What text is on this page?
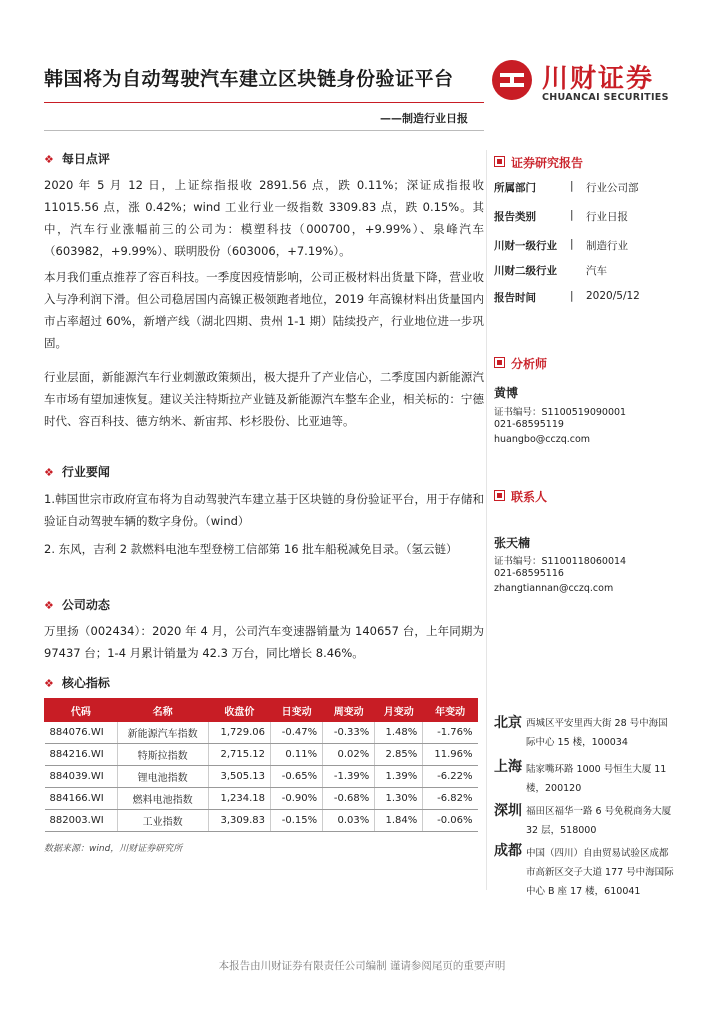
韩国将为自动驾驶汽车建立区块链身份验证平台	川财证券
CHUANCAI SECURITIES
——制造行业日报
❖ 每日点评
2020 年 5 月 12 日，上证综指报收 2891.56 点，跌 0.11%；深证成指报收 11015.56 点，涨 0.42%；wind 工业行业一级指数 3309.83 点，跌 0.15%。其中，汽车行业涨幅前三的公司为：模塑科技（000700，+9.99%）、泉峰汽车（603982，+9.99%）、联明股份（603006，+7.19%）。
本月我们重点推荐了容百科技。一季度因疫情影响，公司正极材料出货量下降，营业收入与净利润下滑。但公司稳居国内高镍正极领跑者地位，2019 年高镍材料出货量国内市占率超过 60%，新增产线（湖北四期、贵州 1-1 期）陆续投产，行业地位进一步巩固。
行业层面，新能源汽车行业刺激政策频出，极大提升了产业信心，二季度国内新能源汽车市场有望加速恢复。建议关注特斯拉产业链及新能源汽车整车企业，相关标的：宁德时代、容百科技、德方纳米、新宙邦、杉杉股份、比亚迪等。
❖ 行业要闻
1.韩国世宗市政府宣布将为自动驾驶汽车建立基于区块链的身份验证平台，用于存储和验证自动驾驶车辆的数字身份。（wind）
2. 东风，吉利 2 款燃料电池车型登榜工信部第 16 批车船税减免目录。（氢云链）
❖ 公司动态
万里扬（002434）：2020 年 4 月，公司汽车变速器销量为 140657 台，上年同期为 97437 台；1-4 月累计销量为 42.3 万台，同比增长 8.46%。
❖ 核心指标
代码	名称	收盘价	日变动	周变动	月变动	年变动
884076.WI	新能源汽车指数	1,729.06	-0.47%	-0.33%	1.48%	-1.76%
884216.WI	特斯拉指数	2,715.12	0.11%	0.02%	2.85%	11.96%
884039.WI	锂电池指数	3,505.13	-0.65%	-1.39%	1.39%	-6.22%
884166.WI	燃料电池指数	1,234.18	-0.90%	-0.68%	1.30%	-6.82%
882003.WI	工业指数	3,309.83	-0.15%	0.03%	1.84%	-0.06%
数据来源：wind，川财证券研究所
证券研究报告
所属部门	| 行业公司部
报告类别	| 行业日报
川财一级行业 | 制造行业
川财二级行业	汽车
报告时间	| 2020/5/12
分析师
黄博
证书编号：S1100519090001
021-68595119
huangbo@cczq.com
联系人
张天楠
证书编号：S1100118060014
021-68595116
zhangtiannan@cczq.com
北京 西城区平安里西大街 28 号中海国际中心 15 楼，100034
上海 陆家嘴环路 1000 号恒生大厦 11 楼，200120
深圳 福田区福华一路 6 号免税商务大厦 32 层，518000
成都 中国（四川）自由贸易试验区成都市高新区交子大道 177 号中海国际中心 B 座 17 楼，610041
本报告由川财证券有限责任公司编制 谨请参阅尾页的重要声明
